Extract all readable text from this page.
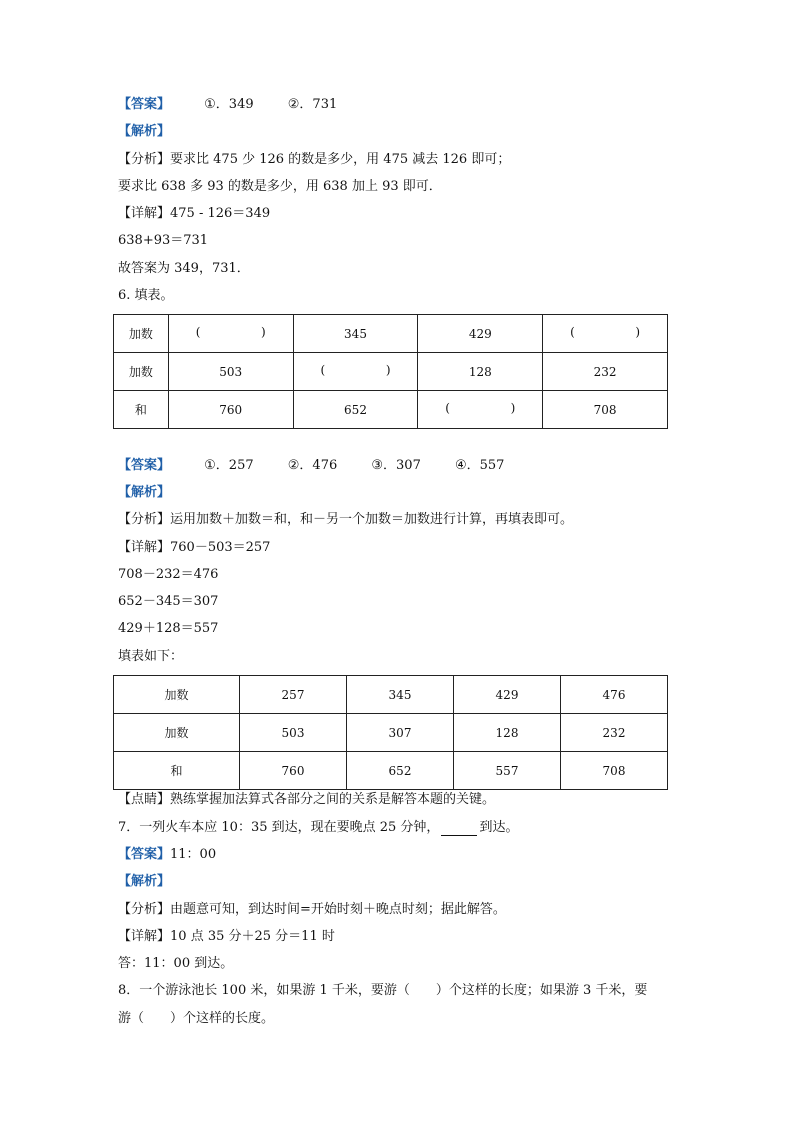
【答案】	①．349	②．731
【解析】
【分析】要求比 475 少 126 的数是多少，用 475 减去 126 即可；
要求比 638 多 93 的数是多少，用 638 加上 93 即可．
【详解】475 - 126＝349
638+93＝731
故答案为 349，731．
6. 填表。
加数	( )	345	429	( )

加数	503	( )	128	232
和	760	652	( )	708
【答案】	①．257	②．476	③．307	④．557
【解析】
【分析】运用加数＋加数＝和，和－另一个加数＝加数进行计算，再填表即可。
【详解】760－503＝257
708－232＝476
652－345＝307
429＋128＝557
填表如下：
加数	257	345	429	476
加数	503	307	128	232
和	760	652	557	708
【点睛】熟练掌握加法算式各部分之间的关系是解答本题的关键。
7．一列火车本应 10：35 到达，现在要晚点 25 分钟，	到达。
【答案】11：00
【解析】
【分析】由题意可知，到达时间=开始时刻＋晚点时刻；据此解答。
【详解】10 点 35 分＋25 分＝11 时
答：11：00 到达。
8．一个游泳池长 100 米，如果游 1 千米，要游（　　）个这样的长度；如果游 3 千米，要
游（　　）个这样的长度。
